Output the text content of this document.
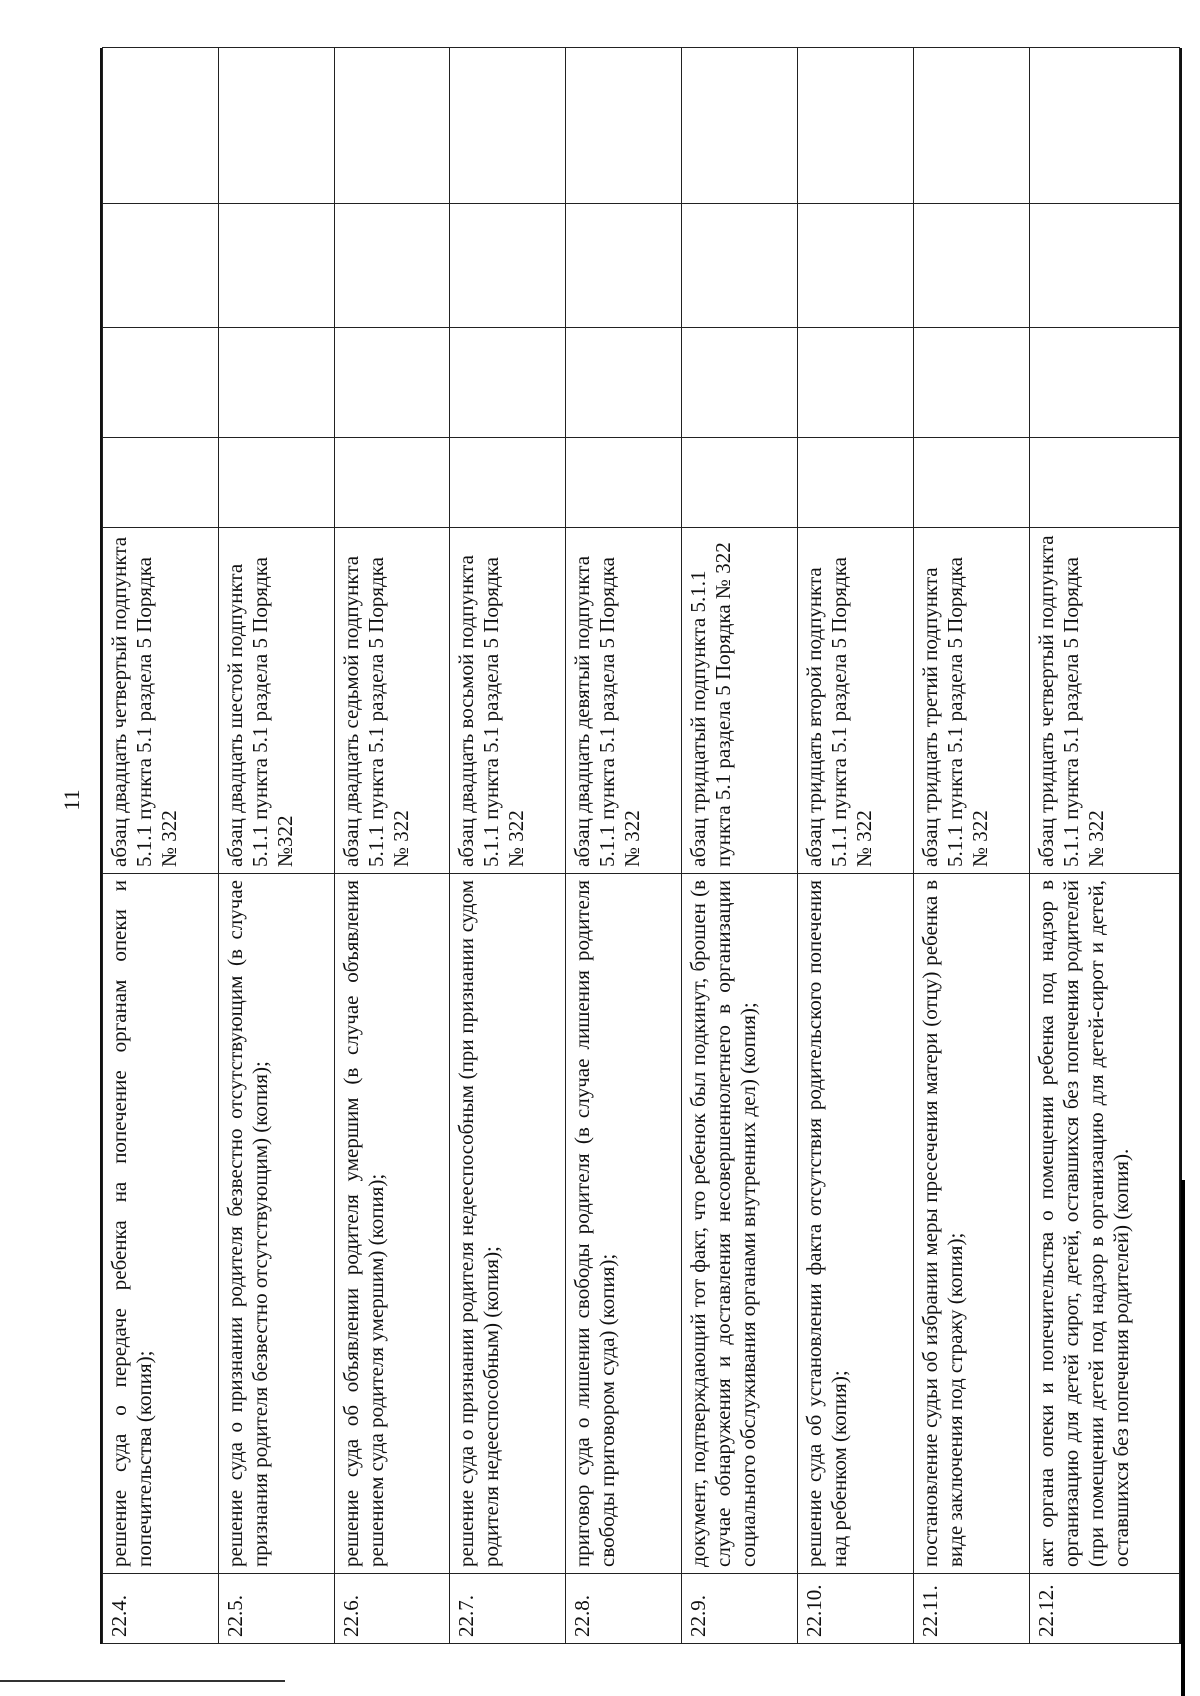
11
22.4.	решение суда о передаче ребенка на попечение органам опеки и попечительства (копия);	абзац двадцать четвертый подпункта 5.1.1 пункта 5.1 раздела 5 Порядка № 322				
22.5.	решение суда о признании родителя безвестно отсутствующим (в случае признания родителя безвестно отсутствующим) (копия);	абзац двадцать шестой подпункта 5.1.1 пункта 5.1 раздела 5 Порядка №322				
22.6.	решение суда об объявлении родителя умершим (в случае объявления решением суда родителя умершим) (копия);	абзац двадцать седьмой подпункта 5.1.1 пункта 5.1 раздела 5 Порядка № 322				
22.7.	решение суда о признании родителя недееспособным (при признании судом родителя недееспособным) (копия);	абзац двадцать восьмой подпункта 5.1.1 пункта 5.1 раздела 5 Порядка № 322				
22.8.	приговор суда о лишении свободы родителя (в случае лишения родителя свободы приговором суда) (копия);	абзац двадцать девятый подпункта 5.1.1 пункта 5.1 раздела 5 Порядка № 322				
22.9.	документ, подтверждающий тот факт, что ребенок был подкинут, брошен (в случае обнаружения и доставления несовершеннолетнего в организации социального обслуживания органами внутренних дел) (копия);	абзац тридцатый подпункта 5.1.1 пункта 5.1 раздела 5 Порядка № 322				
22.10.	решение суда об установлении факта отсутствия родительского попечения над ребенком (копия);	абзац тридцать второй подпункта 5.1.1 пункта 5.1 раздела 5 Порядка № 322				
22.11.	постановление судьи об избрании меры пресечения матери (отцу) ребенка в виде заключения под стражу (копия);	абзац тридцать третий подпункта 5.1.1 пункта 5.1 раздела 5 Порядка № 322				
22.12.	акт органа опеки и попечительства о помещении ребенка под надзор в организацию для детей сирот, детей, оставшихся без попечения родителей (при помещении детей под надзор в организацию для детей-сирот и детей, оставшихся без попечения родителей) (копия).	абзац тридцать четвертый подпункта 5.1.1 пункта 5.1 раздела 5 Порядка № 322				
